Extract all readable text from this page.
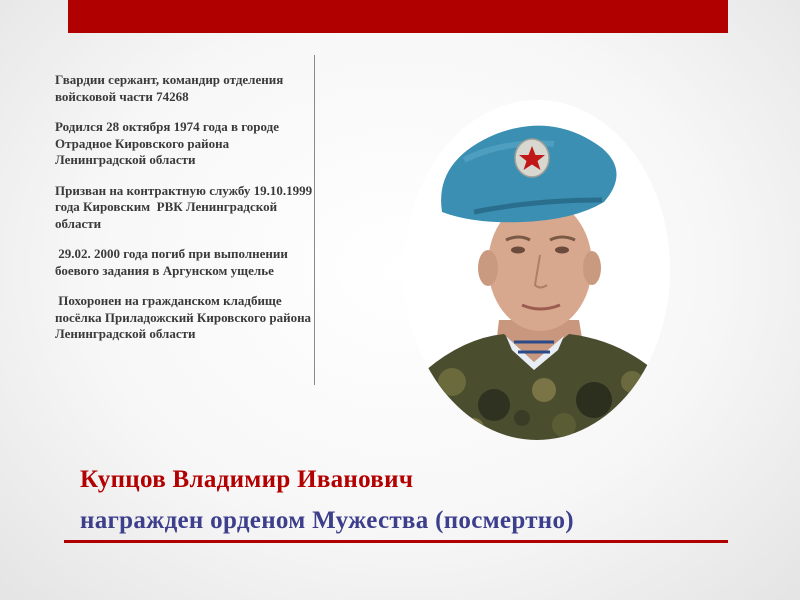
Гвардии сержант, командир отделения войсковой части 74268

Родился 28 октября 1974 года в городе Отрадное Кировского района Ленинградской области

Призван на контрактную службу 19.10.1999 года Кировским  РВК Ленинградской области

29.02. 2000 года погиб при выполнении боевого задания в Аргунском ущелье

Похоронен на гражданском кладбище посёлка Приладожский Кировского района Ленинградской области

Купцов Владимир Иванович
награжден орденом Мужества (посмертно)
